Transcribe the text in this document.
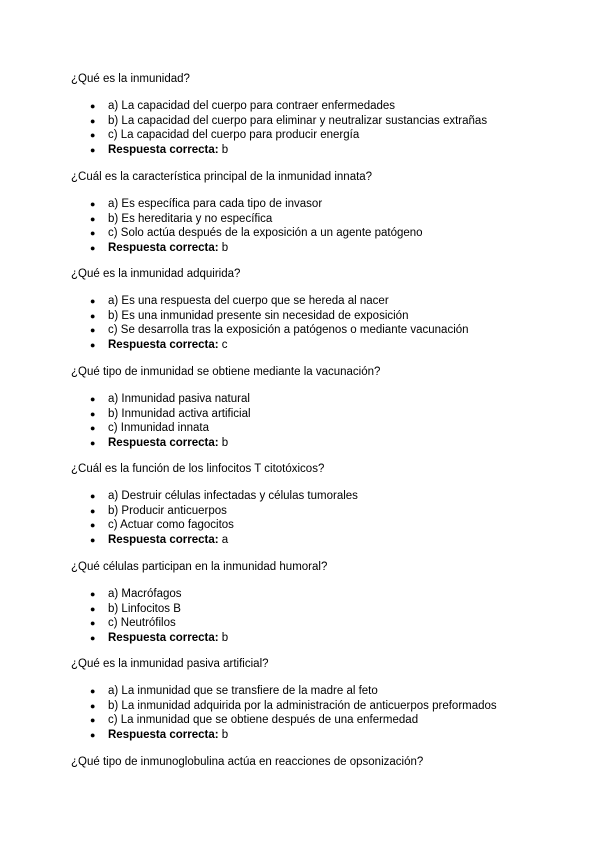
¿Qué es la inmunidad?

● a) La capacidad del cuerpo para contraer enfermedades
● b) La capacidad del cuerpo para eliminar y neutralizar sustancias extrañas
● c) La capacidad del cuerpo para producir energía
● Respuesta correcta: b

¿Cuál es la característica principal de la inmunidad innata?

● a) Es específica para cada tipo de invasor
● b) Es hereditaria y no específica
● c) Solo actúa después de la exposición a un agente patógeno
● Respuesta correcta: b

¿Qué es la inmunidad adquirida?

● a) Es una respuesta del cuerpo que se hereda al nacer
● b) Es una inmunidad presente sin necesidad de exposición
● c) Se desarrolla tras la exposición a patógenos o mediante vacunación
● Respuesta correcta: c

¿Qué tipo de inmunidad se obtiene mediante la vacunación?

● a) Inmunidad pasiva natural
● b) Inmunidad activa artificial
● c) Inmunidad innata
● Respuesta correcta: b

¿Cuál es la función de los linfocitos T citotóxicos?

● a) Destruir células infectadas y células tumorales
● b) Producir anticuerpos
● c) Actuar como fagocitos
● Respuesta correcta: a

¿Qué células participan en la inmunidad humoral?

● a) Macrófagos
● b) Linfocitos B
● c) Neutrófilos
● Respuesta correcta: b

¿Qué es la inmunidad pasiva artificial?

● a) La inmunidad que se transfiere de la madre al feto
● b) La inmunidad adquirida por la administración de anticuerpos preformados
● c) La inmunidad que se obtiene después de una enfermedad
● Respuesta correcta: b

¿Qué tipo de inmunoglobulina actúa en reacciones de opsonización?
